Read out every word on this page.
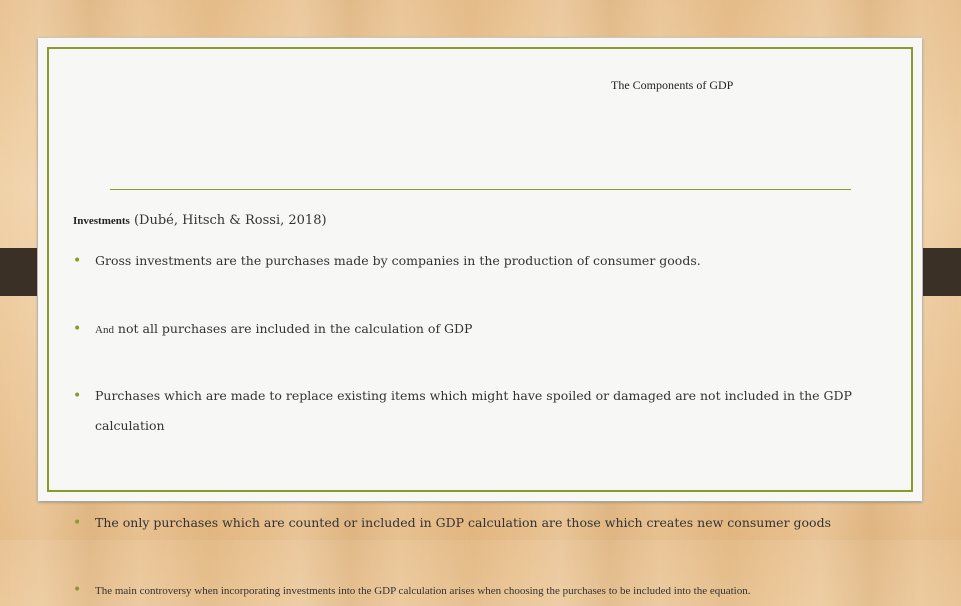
The Components of GDP
Investments (Dubé, Hitsch & Rossi, 2018)
• Gross investments are the purchases made by companies in the production of consumer goods.
• And not all purchases are included in the calculation of GDP
• Purchases which are made to replace existing items which might have spoiled or damaged are not included in the GDP calculation
• The only purchases which are counted or included in GDP calculation are those which creates new consumer goods
• The main controversy when incorporating investments into the GDP calculation arises when choosing the purchases to be included into the equation.
